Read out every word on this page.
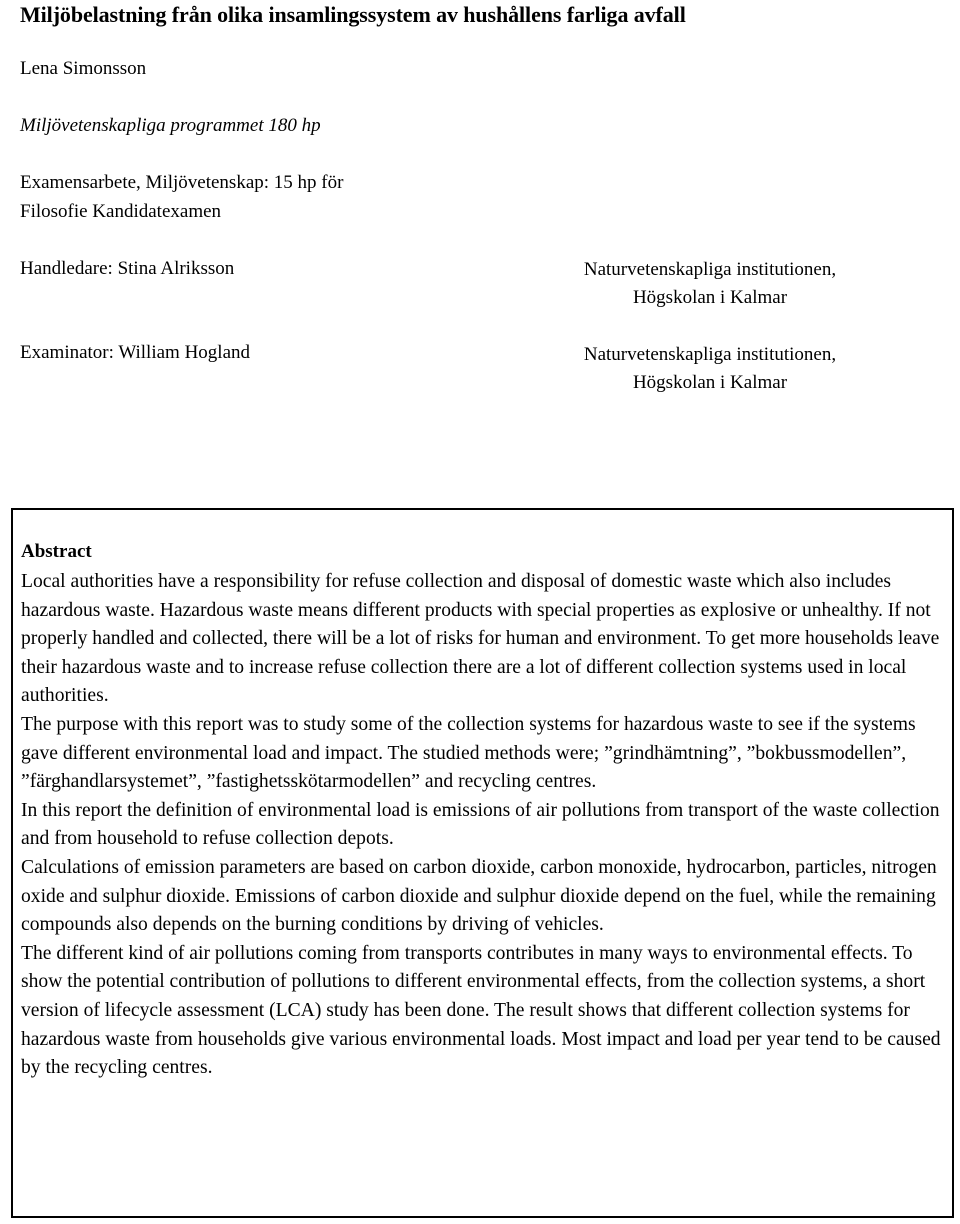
Miljöbelastning från olika insamlingssystem av hushållens farliga avfall

Lena Simonsson

Miljövetenskapliga programmet 180 hp

Examensarbete, Miljövetenskap: 15 hp för

Filosofie Kandidatexamen

Handledare: Stina Alriksson	Naturvetenskapliga institutionen,
Högskolan i Kalmar

Examinator: William Hogland	Naturvetenskapliga institutionen,
Högskolan i Kalmar
Abstract

Local authorities have a responsibility for refuse collection and disposal of domestic waste which also includes hazardous waste. Hazardous waste means different products with special properties as explosive or unhealthy. If not properly handled and collected, there will be a lot of risks for human and environment. To get more households leave their hazardous waste and to increase refuse collection there are a lot of different collection systems used in local authorities.

The purpose with this report was to study some of the collection systems for hazardous waste to see if the systems gave different environmental load and impact. The studied methods were; ”grindhämtning”, ”bokbussmodellen”, ”färghandlarsystemet”, ”fastighetsskötarmodellen” and recycling centres.

In this report the definition of environmental load is emissions of air pollutions from transport of the waste collection and from household to refuse collection depots.

Calculations of emission parameters are based on carbon dioxide, carbon monoxide, hydrocarbon, particles, nitrogen oxide and sulphur dioxide. Emissions of carbon dioxide and sulphur dioxide depend on the fuel, while the remaining compounds also depends on the burning conditions by driving of vehicles.

The different kind of air pollutions coming from transports contributes in many ways to environmental effects. To show the potential contribution of pollutions to different environmental effects, from the collection systems, a short version of lifecycle assessment (LCA) study has been done. The result shows that different collection systems for hazardous waste from households give various environmental loads. Most impact and load per year tend to be caused by the recycling centres.
